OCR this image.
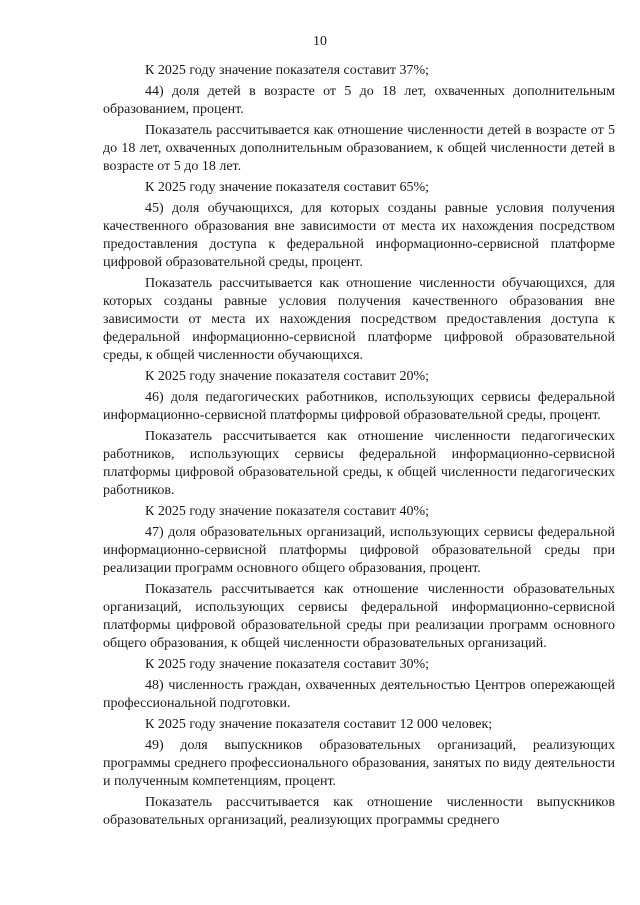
10

К 2025 году значение показателя составит 37%;

44) доля детей в возрасте от 5 до 18 лет, охваченных дополнительным образованием, процент.

Показатель рассчитывается как отношение численности детей в возрасте от 5 до 18 лет, охваченных дополнительным образованием, к общей численности детей в возрасте от 5 до 18 лет.

К 2025 году значение показателя составит 65%;

45) доля обучающихся, для которых созданы равные условия получения качественного образования вне зависимости от места их нахождения посредством предоставления доступа к федеральной информационно-сервисной платформе цифровой образовательной среды, процент.

Показатель рассчитывается как отношение численности обучающихся, для которых созданы равные условия получения качественного образования вне зависимости от места их нахождения посредством предоставления доступа к федеральной информационно-сервисной платформе цифровой образовательной среды, к общей численности обучающихся.

К 2025 году значение показателя составит 20%;

46) доля педагогических работников, использующих сервисы федеральной информационно-сервисной платформы цифровой образовательной среды, процент.

Показатель рассчитывается как отношение численности педагогических работников, использующих сервисы федеральной информационно-сервисной платформы цифровой образовательной среды, к общей численности педагогических работников.

К 2025 году значение показателя составит 40%;

47) доля образовательных организаций, использующих сервисы федеральной информационно-сервисной платформы цифровой образовательной среды при реализации программ основного общего образования, процент.

Показатель рассчитывается как отношение численности образовательных организаций, использующих сервисы федеральной информационно-сервисной платформы цифровой образовательной среды при реализации программ основного общего образования, к общей численности образовательных организаций.

К 2025 году значение показателя составит 30%;

48) численность граждан, охваченных деятельностью Центров опережающей профессиональной подготовки.

К 2025 году значение показателя составит 12 000 человек;

49) доля выпускников образовательных организаций, реализующих программы среднего профессионального образования, занятых по виду деятельности и полученным компетенциям, процент.

Показатель рассчитывается как отношение численности выпускников образовательных организаций, реализующих программы среднего
